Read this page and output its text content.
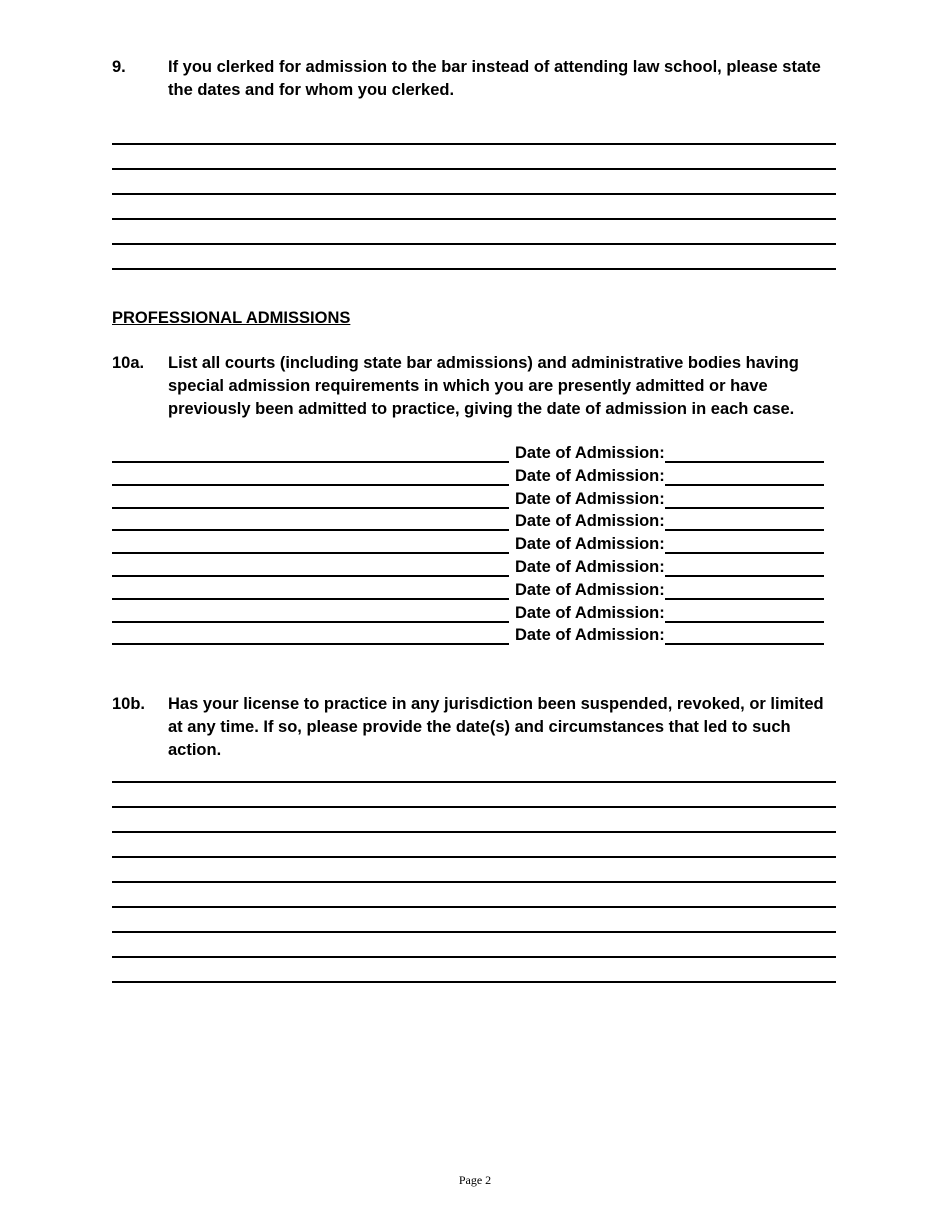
9.	If you clerked for admission to the bar instead of attending law school, please state the dates and for whom you clerked.
PROFESSIONAL ADMISSIONS
10a. List all courts (including state bar admissions) and administrative bodies having special admission requirements in which you are presently admitted or have previously been admitted to practice, giving the date of admission in each case.
Date of Admission:
Date of Admission:
Date of Admission:
Date of Admission:
Date of Admission:
Date of Admission:
Date of Admission:
Date of Admission:
Date of Admission:
10b. Has your license to practice in any jurisdiction been suspended, revoked, or limited at any time. If so, please provide the date(s) and circumstances that led to such action.
Page 2
